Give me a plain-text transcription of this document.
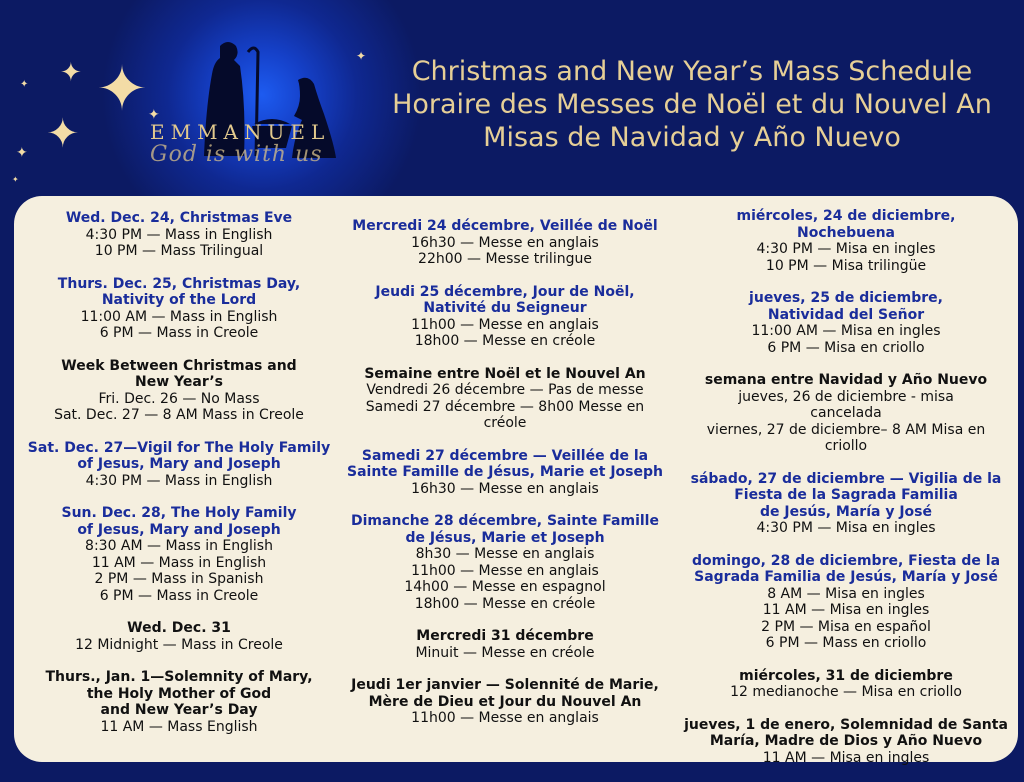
✦ ✦
✦
✦
✦
✦
✦
✦
EMMANUEL
God is with us
Christmas and New Year’s Mass Schedule
Horaire des Messes de Noël et du Nouvel An
Misas de Navidad y Año Nuevo
Wed. Dec. 24, Christmas Eve
4:30 PM — Mass in English
10 PM — Mass Trilingual
Thurs. Dec. 25, Christmas Day,
Nativity of the Lord
11:00 AM — Mass in English
6 PM — Mass in Creole
Week Between Christmas and
New Year’s
Fri. Dec. 26 — No Mass
Sat. Dec. 27 — 8 AM Mass in Creole
Sat. Dec. 27—Vigil for The Holy Family
of Jesus, Mary and Joseph
4:30 PM — Mass in English
Sun. Dec. 28, The Holy Family
of Jesus, Mary and Joseph
8:30 AM — Mass in English
11 AM — Mass in English
2 PM — Mass in Spanish
6 PM — Mass in Creole
Wed. Dec. 31
12 Midnight — Mass in Creole
Thurs., Jan. 1—Solemnity of Mary,
the Holy Mother of God
and New Year’s Day
11 AM — Mass English
Mercredi 24 décembre, Veillée de Noël
16h30 — Messe en anglais
22h00 — Messe trilingue
Jeudi 25 décembre, Jour de Noël,
Nativité du Seigneur
11h00 — Messe en anglais
18h00 — Messe en créole
Semaine entre Noël et le Nouvel An
Vendredi 26 décembre — Pas de messe
Samedi 27 décembre — 8h00 Messe en
créole
Samedi 27 décembre — Veillée de la
Sainte Famille de Jésus, Marie et Joseph
16h30 — Messe en anglais
Dimanche 28 décembre, Sainte Famille
de Jésus, Marie et Joseph
8h30 — Messe en anglais
11h00 — Messe en anglais
14h00 — Messe en espagnol
18h00 — Messe en créole
Mercredi 31 décembre
Minuit — Messe en créole
Jeudi 1er janvier — Solennité de Marie,
Mère de Dieu et Jour du Nouvel An
11h00 — Messe en anglais
miércoles, 24 de diciembre,
Nochebuena
4:30 PM — Misa en ingles
10 PM — Misa trilingüe
jueves, 25 de diciembre,
Natividad del Señor
11:00 AM — Misa en ingles
6 PM — Misa en criollo
semana entre Navidad y Año Nuevo
jueves, 26 de diciembre - misa
cancelada
viernes, 27 de diciembre– 8 AM Misa en
criollo
sábado, 27 de diciembre — Vigilia de la
Fiesta de la Sagrada Familia
de Jesús, María y José
4:30 PM — Misa en ingles
domingo, 28 de diciembre, Fiesta de la
Sagrada Familia de Jesús, María y José
8 AM — Misa en ingles
11 AM — Misa en ingles
2 PM — Misa en español
6 PM — Mass en criollo
miércoles, 31 de diciembre
12 medianoche — Misa en criollo
jueves, 1 de enero, Solemnidad de Santa
María, Madre de Dios y Año Nuevo
11 AM — Misa en ingles
